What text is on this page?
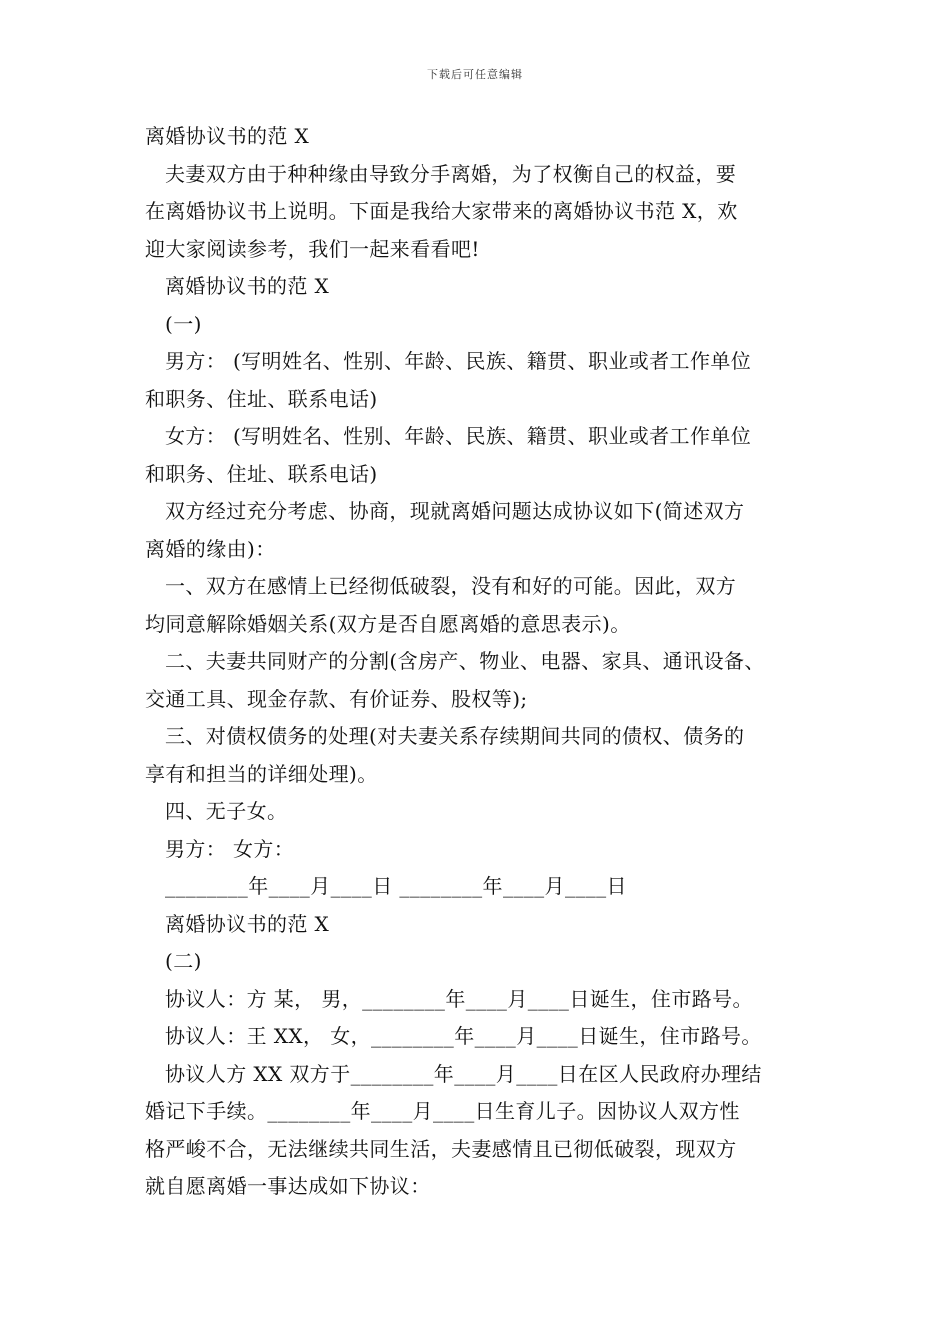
下载后可任意编辑
离婚协议书的范 X
夫妻双方由于种种缘由导致分手离婚，为了权衡自己的权益，要
在离婚协议书上说明。下面是我给大家带来的离婚协议书范 X，欢
迎大家阅读参考，我们一起来看看吧!
离婚协议书的范 X
(一)
男方： (写明姓名、性别、年龄、民族、籍贯、职业或者工作单位
和职务、住址、联系电话)
女方： (写明姓名、性别、年龄、民族、籍贯、职业或者工作单位
和职务、住址、联系电话)
双方经过充分考虑、协商，现就离婚问题达成协议如下(简述双方
离婚的缘由)：
一、双方在感情上已经彻低破裂，没有和好的可能。因此，双方
均同意解除婚姻关系(双方是否自愿离婚的意思表示)。
二、夫妻共同财产的分割(含房产、物业、电器、家具、通讯设备、
交通工具、现金存款、有价证券、股权等);
三、对债权债务的处理(对夫妻关系存续期间共同的债权、债务的
享有和担当的详细处理)。
四、无子女。
男方： 女方：
________年____月____日 ________年____月____日
离婚协议书的范 X
(二)
协议人：方 某， 男，________年____月____日诞生，住市路号。
协议人：王 XX， 女，________年____月____日诞生，住市路号。
协议人方 XX 双方于________年____月____日在区人民政府办理结
婚记下手续。________年____月____日生育儿子。因协议人双方性
格严峻不合，无法继续共同生活，夫妻感情且已彻低破裂，现双方
就自愿离婚一事达成如下协议：
